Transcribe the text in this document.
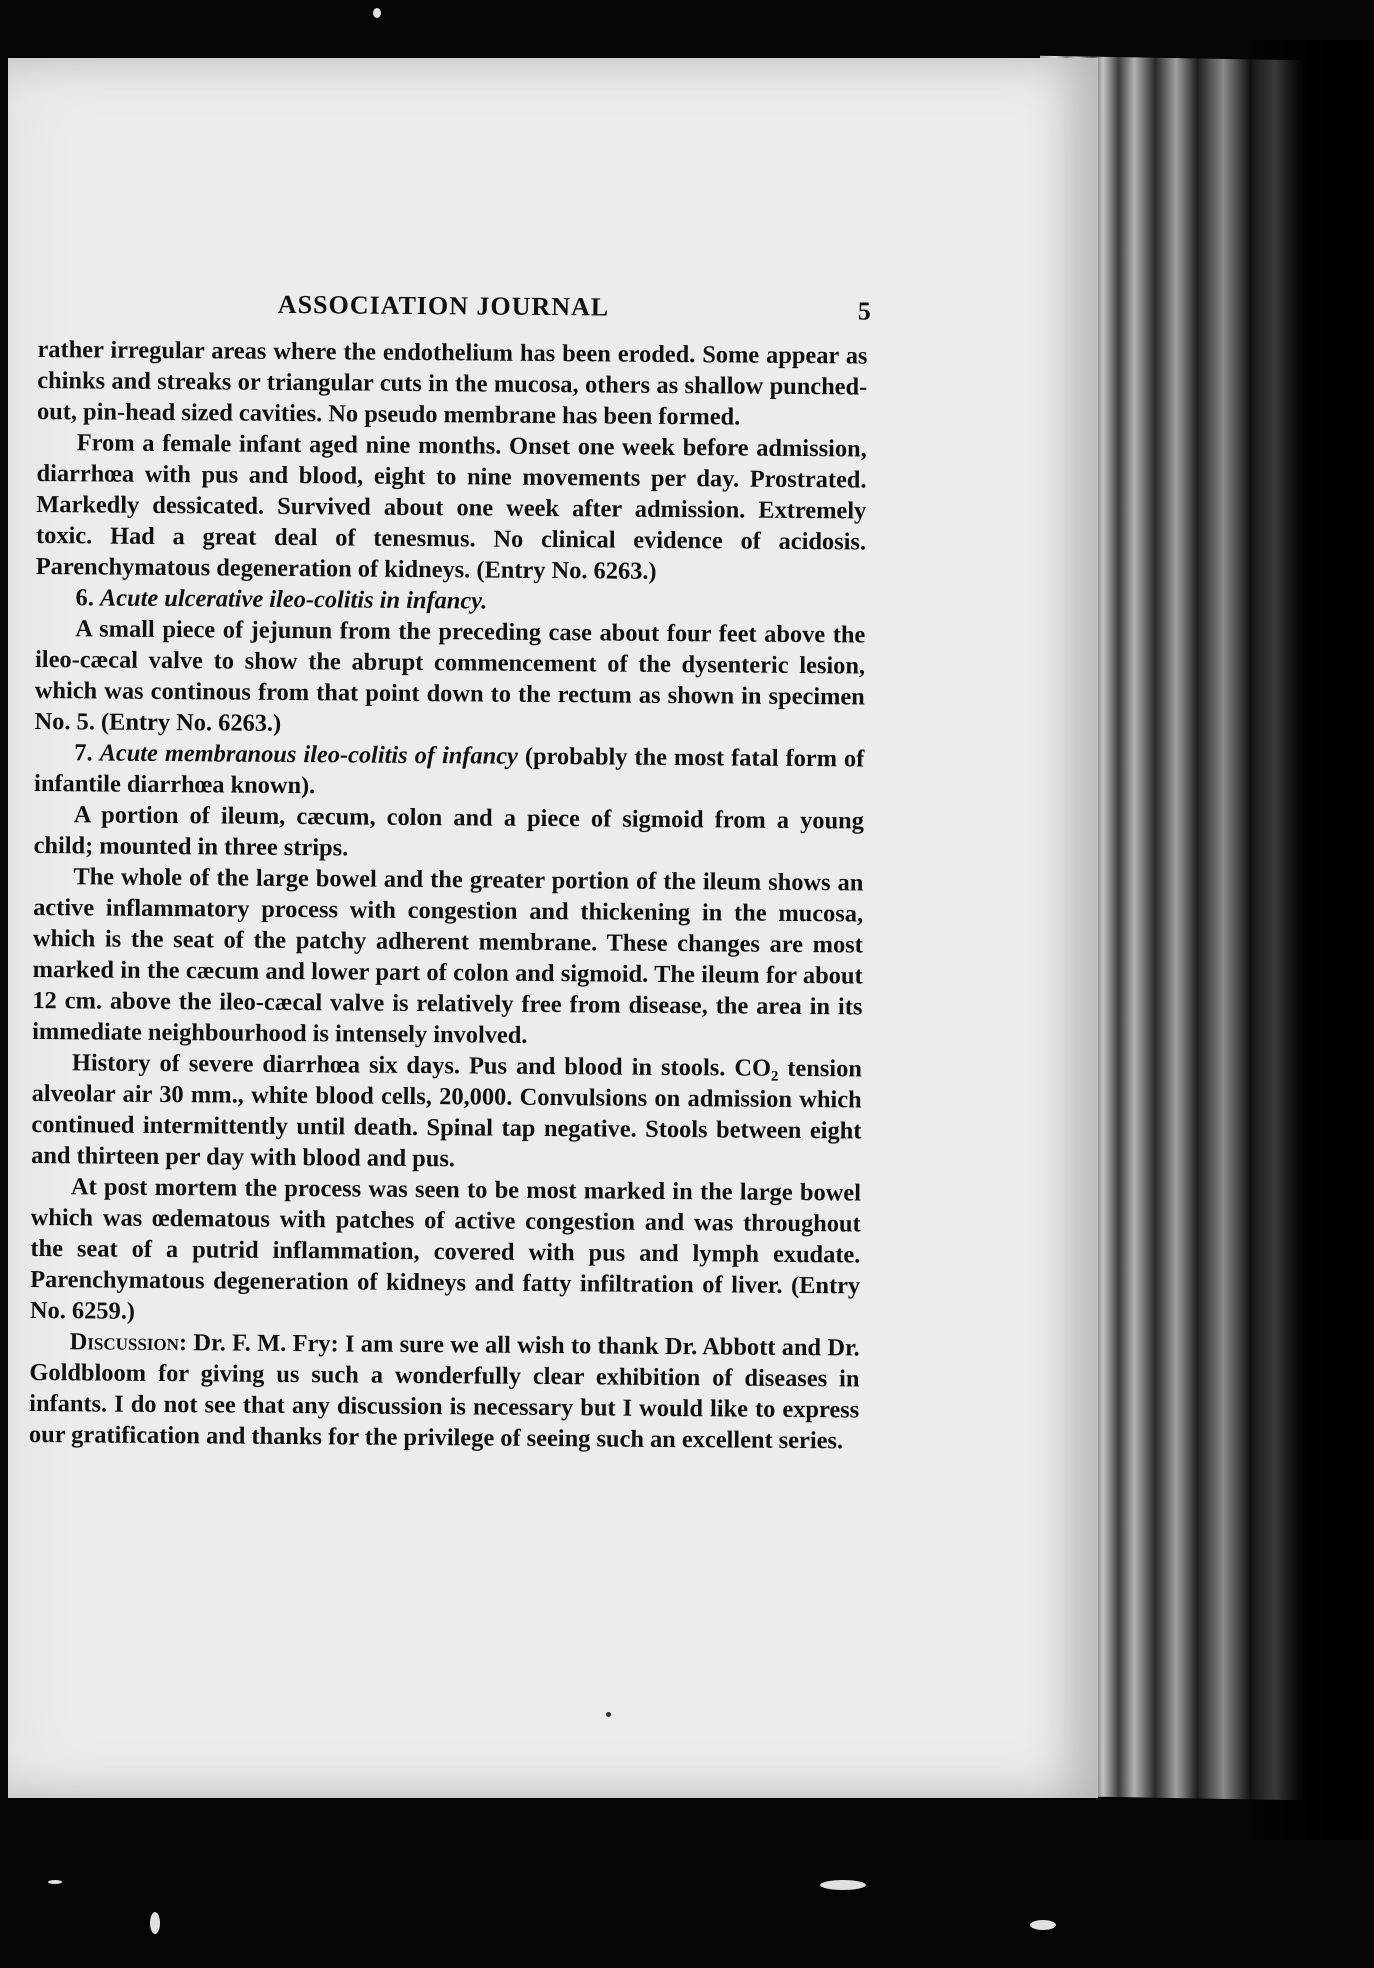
ASSOCIATION JOURNAL	5

rather irregular areas where the endothelium has been eroded. Some appear as chinks and streaks or triangular cuts in the mucosa, others as shallow punched-out, pin-head sized cavities. No pseudo membrane has been formed.

From a female infant aged nine months. Onset one week before admission, diarrhœa with pus and blood, eight to nine movements per day. Prostrated. Markedly dessicated. Survived about one week after admission. Extremely toxic. Had a great deal of tenesmus. No clinical evidence of acidosis. Parenchymatous degeneration of kidneys. (Entry No. 6263.)

6. Acute ulcerative ileo-colitis in infancy.

A small piece of jejunun from the preceding case about four feet above the ileo-cæcal valve to show the abrupt commencement of the dysenteric lesion, which was continous from that point down to the rectum as shown in specimen No. 5. (Entry No. 6263.)

7. Acute membranous ileo-colitis of infancy (probably the most fatal form of infantile diarrhœa known).

A portion of ileum, cæcum, colon and a piece of sigmoid from a young child; mounted in three strips.

The whole of the large bowel and the greater portion of the ileum shows an active inflammatory process with congestion and thickening in the mucosa, which is the seat of the patchy adherent membrane. These changes are most marked in the cæcum and lower part of colon and sigmoid. The ileum for about 12 cm. above the ileo-cæcal valve is relatively free from disease, the area in its immediate neighbourhood is intensely involved.

History of severe diarrhœa six days. Pus and blood in stools. CO₂ tension alveolar air 30 mm., white blood cells, 20,000. Convulsions on admission which continued intermittently until death. Spinal tap negative. Stools between eight and thirteen per day with blood and pus.

At post mortem the process was seen to be most marked in the large bowel which was œdematous with patches of active congestion and was throughout the seat of a putrid inflammation, covered with pus and lymph exudate. Parenchymatous degeneration of kidneys and fatty infiltration of liver. (Entry No. 6259.)

Discussion: Dr. F. M. Fry: I am sure we all wish to thank Dr. Abbott and Dr. Goldbloom for giving us such a wonderfully clear exhibition of diseases in infants. I do not see that any discussion is necessary but I would like to express our gratification and thanks for the privilege of seeing such an excellent series.
